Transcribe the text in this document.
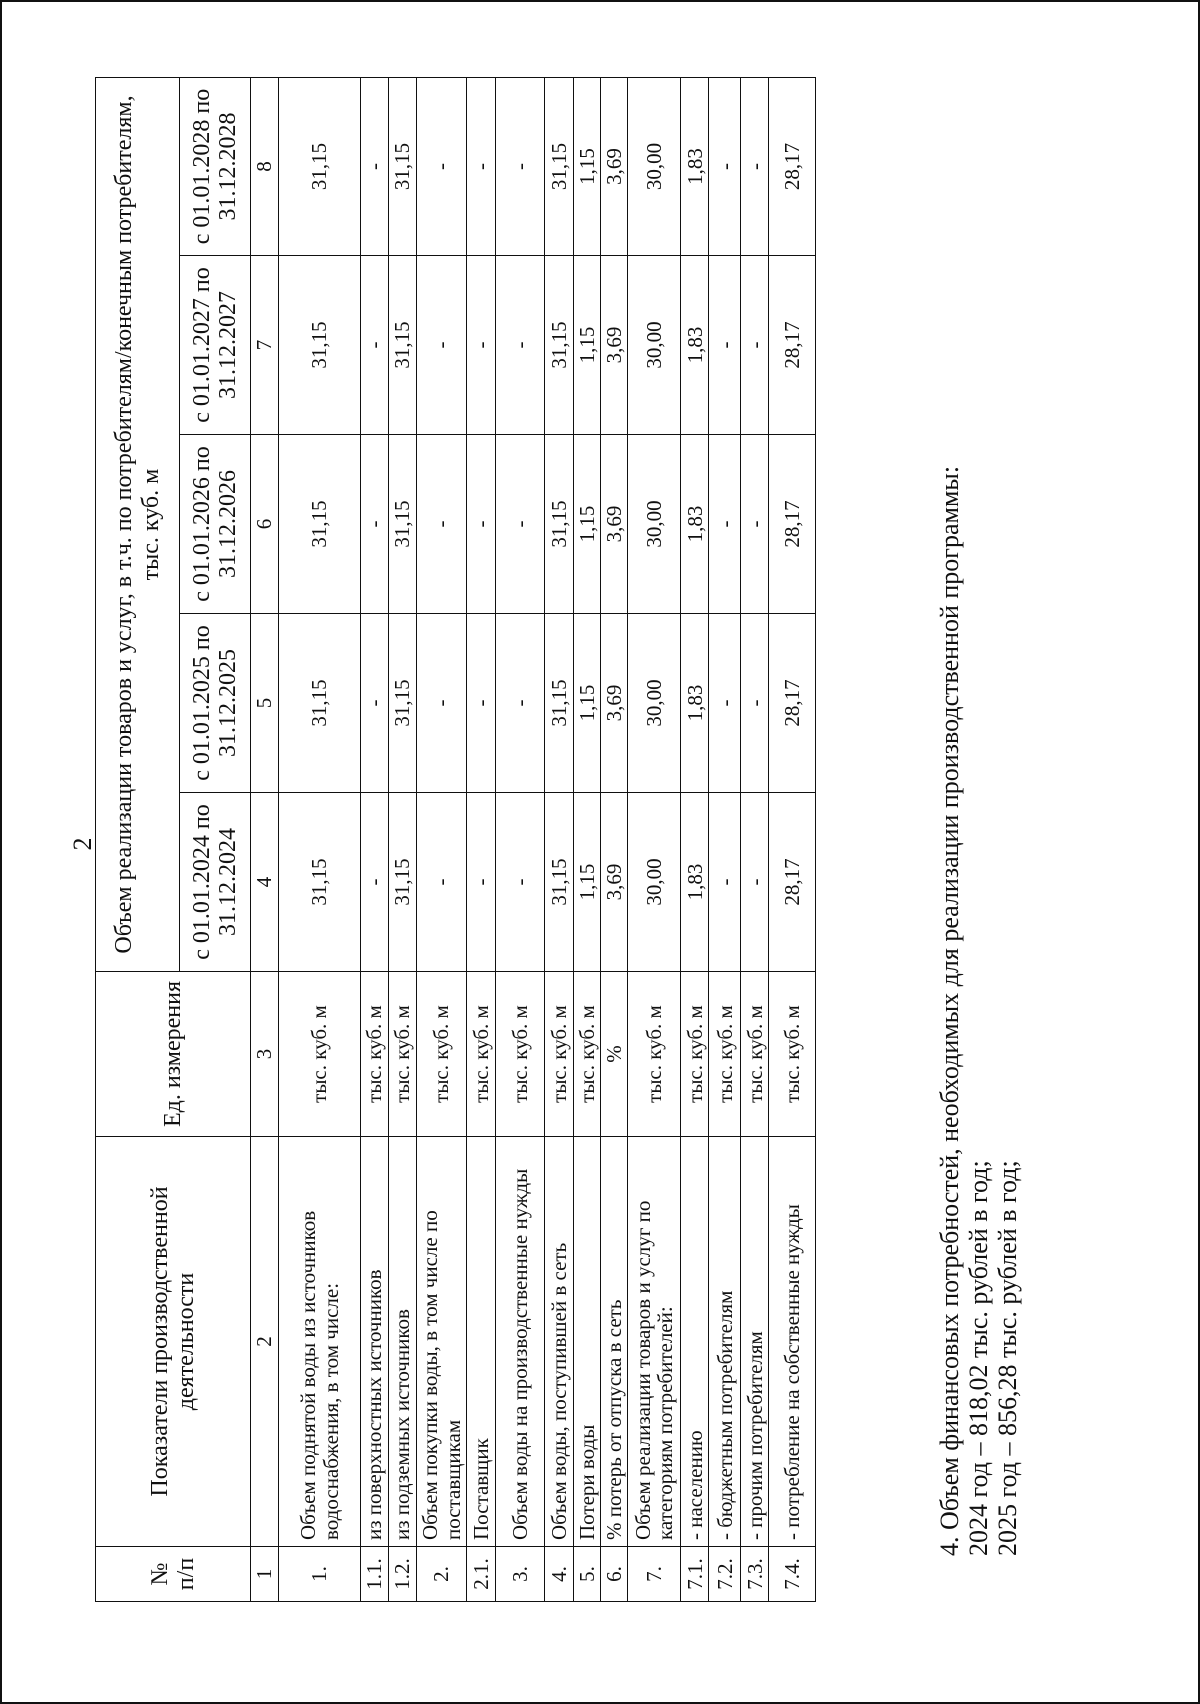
2
№ п/п	Показатели производственной деятельности	Ед. измерения	Объем реализации товаров и услуг, в т.ч. по потребителям/конечным потребителям, тыс. куб. м				
			с 01.01.2024 по 31.12.2024	с 01.01.2025 по 31.12.2025	с 01.01.2026 по 31.12.2026	с 01.01.2027 по 31.12.2027	с 01.01.2028 по 31.12.2028
1	2	3	4	5	6	7	8
1.	Объем поднятой воды из источников водоснабжения, в том числе:	тыс. куб. м	31,15	31,15	31,15	31,15	31,15
1.1.	из поверхностных источников	тыс. куб. м	-	-	-	-	-
1.2.	из подземных источников	тыс. куб. м	31,15	31,15	31,15	31,15	31,15
2.	Объем покупки воды, в том числе по поставщикам	тыс. куб. м	-	-	-	-	-
2.1.	Поставщик	тыс. куб. м	-	-	-	-	-
3.	Объем воды на производственные нужды	тыс. куб. м	-	-	-	-	-
4.	Объем воды, поступившей в сеть	тыс. куб. м	31,15	31,15	31,15	31,15	31,15
5.	Потери воды	тыс. куб. м	1,15	1,15	1,15	1,15	1,15
6.	% потерь от отпуска в сеть	%	3,69	3,69	3,69	3,69	3,69
7.	Объем реализации товаров и услуг по категориям потребителей:	тыс. куб. м	30,00	30,00	30,00	30,00	30,00
7.1.	- населению	тыс. куб. м	1,83	1,83	1,83	1,83	1,83
7.2.	- бюджетным потребителям	тыс. куб. м	-	-	-	-	-
7.3.	- прочим потребителям	тыс. куб. м	-	-	-	-	-
7.4.	- потребление на собственные нужды	тыс. куб. м	28,17	28,17	28,17	28,17	28,17
4. Объем финансовых потребностей, необходимых для реализации производственной программы: 2024 год – 818,02 тыс. рублей в год; 2025 год – 856,28 тыс. рублей в год;
